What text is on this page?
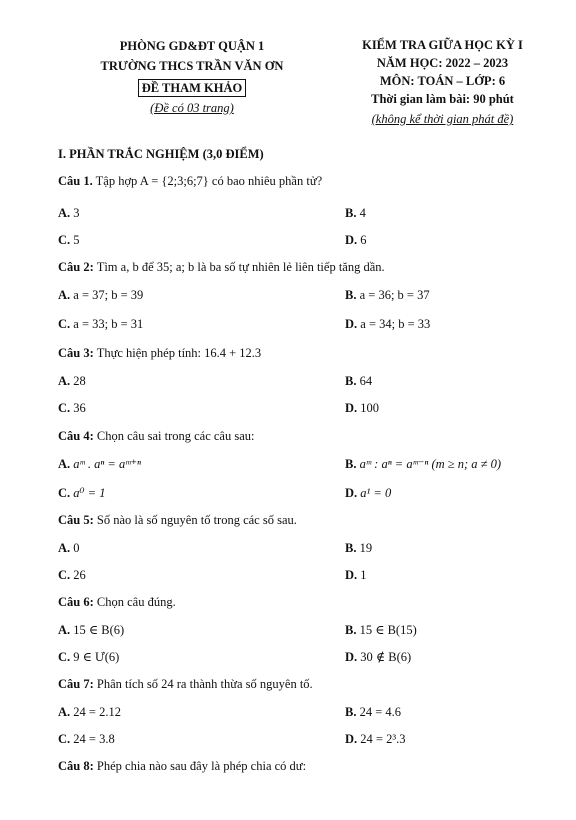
PHÒNG GD&ĐT QUẬN 1
TRƯỜNG THCS TRẦN VĂN ƠN
ĐỀ THAM KHẢO
(Đề có 03 trang)
KIỂM TRA GIỮA HỌC KỲ I
NĂM HỌC: 2022 – 2023
MÔN: TOÁN – LỚP: 6
Thời gian làm bài: 90 phút
(không kể thời gian phát đề)
I. PHẦN TRẮC NGHIỆM (3,0 ĐIỂM)
Câu 1. Tập hợp A = {2;3;6;7} có bao nhiêu phần tử?
A. 3	B. 4
C. 5	D. 6
Câu 2: Tìm a, b để 35; a; b là ba số tự nhiên lẻ liên tiếp tăng dần.
A. a = 37; b = 39	B. a = 36; b = 37
C. a = 33; b = 31	D. a = 34; b = 33
Câu 3: Thực hiện phép tính: 16.4 + 12.3
A. 28	B. 64
C. 36	D. 100
Câu 4: Chọn câu sai trong các câu sau:
A. aᵐ . aⁿ = aᵐ⁺ⁿ	B. aᵐ : aⁿ = aᵐ⁻ⁿ (m ≥ n; a ≠ 0)
C. a⁰ = 1	D. a¹ = 0
Câu 5: Số nào là số nguyên tố trong các số sau.
A. 0	B. 19
C. 26	D. 1
Câu 6: Chọn câu đúng.
A. 15 ∈ B(6)	B. 15 ∈ B(15)
C. 9 ∈ Ư(6)	D. 30 ∉ B(6)
Câu 7: Phân tích số 24 ra thành thừa số nguyên tố.
A. 24 = 2.12	B. 24 = 4.6
C. 24 = 3.8	D. 24 = 2³.3
Câu 8: Phép chia nào sau đây là phép chia có dư:
